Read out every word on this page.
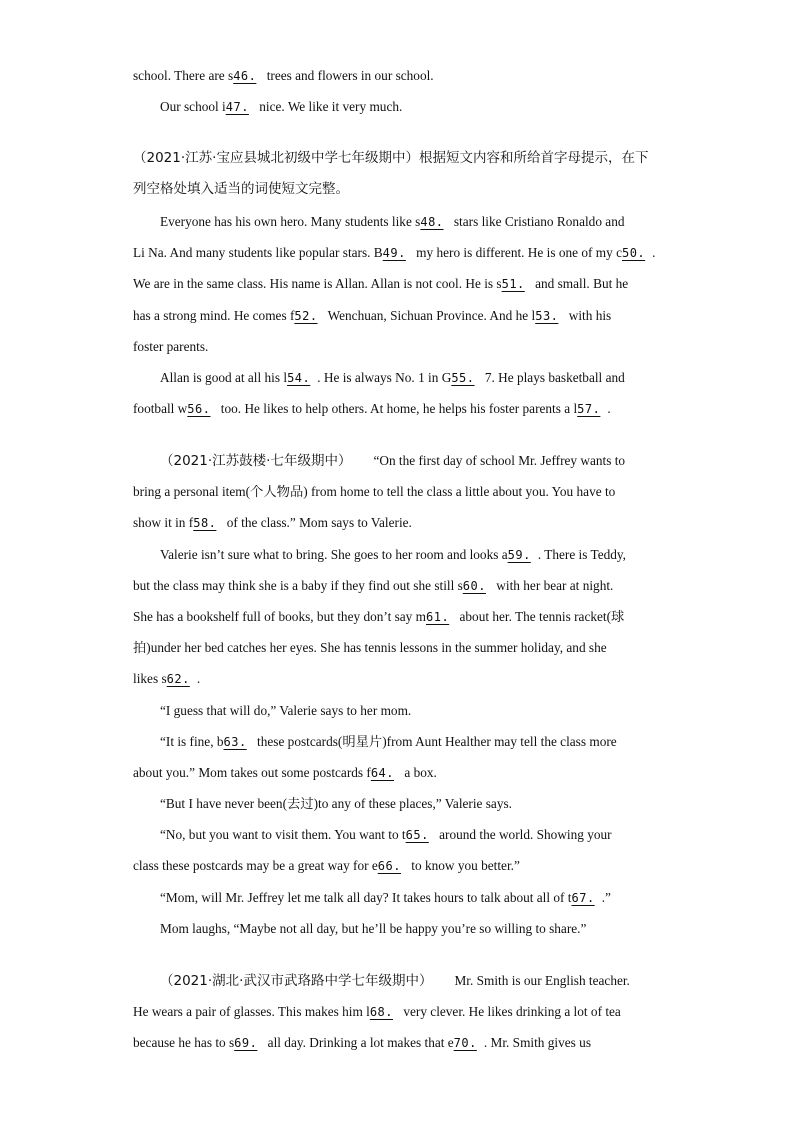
school. There are s46. trees and flowers in our school.
Our school i47. nice. We like it very much.

（2021·江苏·宝应县城北初级中学七年级期中）根据短文内容和所给首字母提示，在下
列空格处填入适当的词使短文完整。

Everyone has his own hero. Many students like s48. stars like Cristiano Ronaldo and
Li Na. And many students like popular stars. B49. my hero is different. He is one of my c50. .
We are in the same class. His name is Allan. Allan is not cool. He is s51. and small. But he
has a strong mind. He comes f52. Wenchuan, Sichuan Province. And he l53. with his
foster parents.
Allan is good at all his l54. . He is always No. 1 in G55. 7. He plays basketball and
football w56. too. He likes to help others. At home, he helps his foster parents a l57. .

（2021·江苏鼓楼·七年级期中） “On the first day of school Mr. Jeffrey wants to
bring a personal item(个人物品) from home to tell the class a little about you. You have to
show it in f58. of the class.” Mom says to Valerie.
Valerie isn’t sure what to bring. She goes to her room and looks a59. . There is Teddy,
but the class may think she is a baby if they find out she still s60. with her bear at night.
She has a bookshelf full of books, but they don’t say m61. about her. The tennis racket(球
拍)under her bed catches her eyes. She has tennis lessons in the summer holiday, and she
likes s62. .
“I guess that will do,” Valerie says to her mom.
“It is fine, b63. these postcards(明星片)from Aunt Healther may tell the class more
about you.” Mom takes out some postcards f64. a box.
“But I have never been(去过)to any of these places,” Valerie says.
“No, but you want to visit them. You want to t65. around the world. Showing your
class these postcards may be a great way for e66. to know you better.”
“Mom, will Mr. Jeffrey let me talk all day? It takes hours to talk about all of t67. .”
Mom laughs, “Maybe not all day, but he’ll be happy you’re so willing to share.”

（2021·湖北·武汉市武珞路中学七年级期中） Mr. Smith is our English teacher.
He wears a pair of glasses. This makes him l68. very clever. He likes drinking a lot of tea
because he has to s69. all day. Drinking a lot makes that e70. . Mr. Smith gives us
